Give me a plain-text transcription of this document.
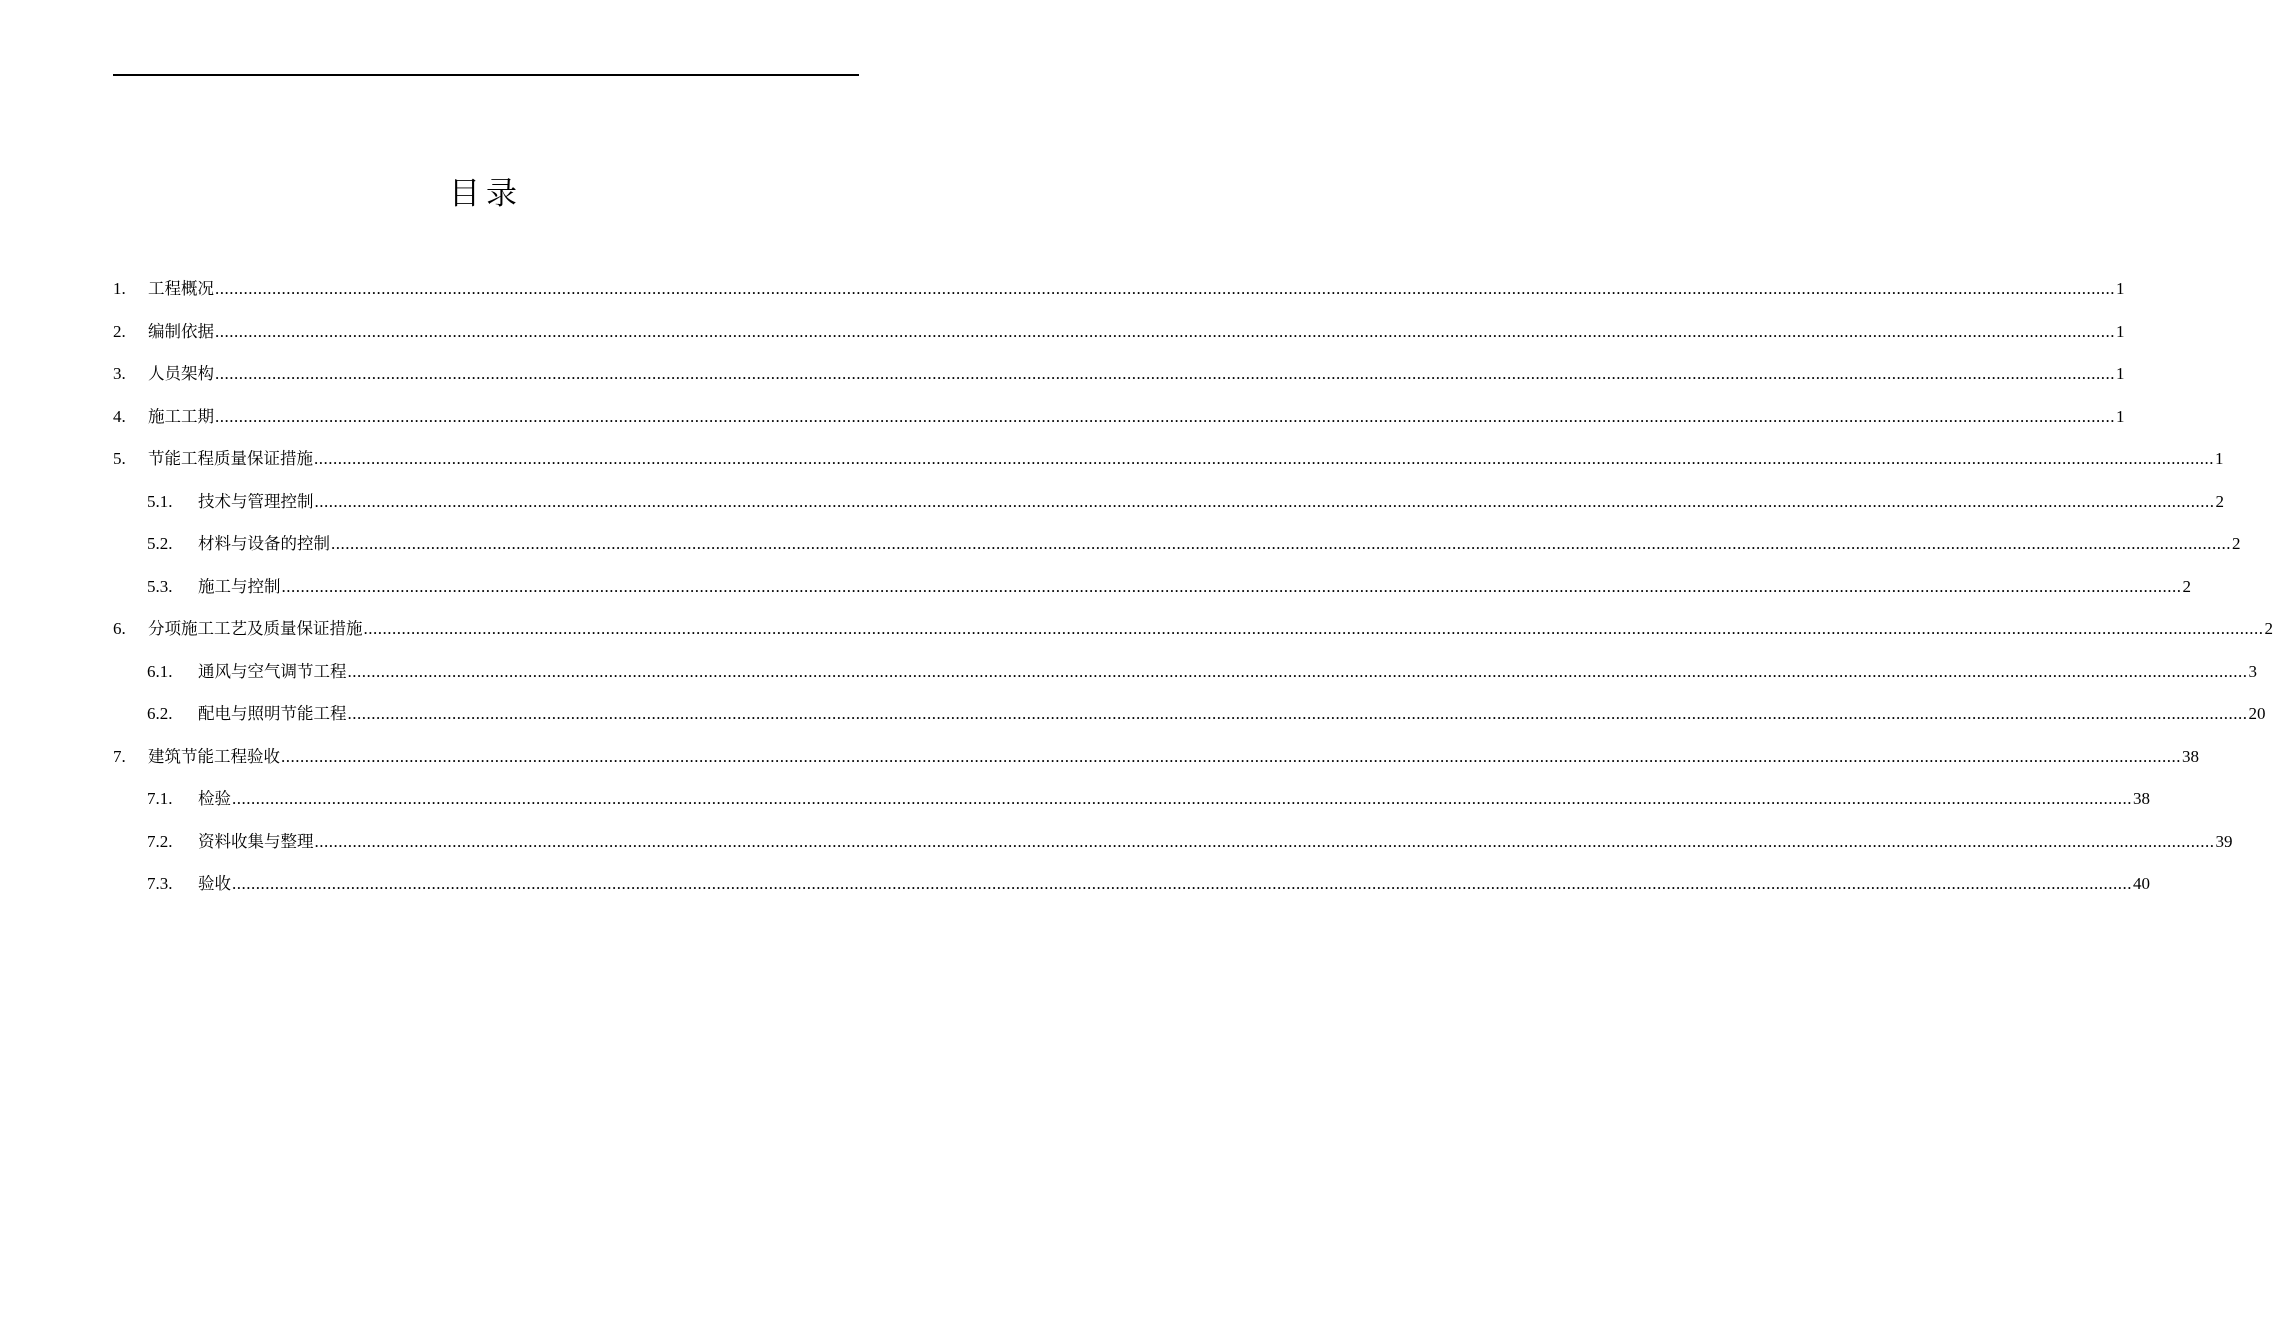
目录
1.	工程概况 ................................................................................................................................................................................................................................................................................................................................................................................................................ 1
2.	编制依据 ................................................................................................................................................................................................................................................................................................................................................................................................................ 1
3.	人员架构 ................................................................................................................................................................................................................................................................................................................................................................................................................ 1
4.	施工工期 ................................................................................................................................................................................................................................................................................................................................................................................................................ 1
5.	节能工程质量保证措施 ................................................................................................................................................................................................................................................................................................................................................................................................................ 1
5.1.	技术与管理控制 ................................................................................................................................................................................................................................................................................................................................................................................................................ 2
5.2.	材料与设备的控制 ................................................................................................................................................................................................................................................................................................................................................................................................................ 2
5.3.	施工与控制 ................................................................................................................................................................................................................................................................................................................................................................................................................ 2
6.	分项施工工艺及质量保证措施 ................................................................................................................................................................................................................................................................................................................................................................................................................ 2
6.1.	通风与空气调节工程 ................................................................................................................................................................................................................................................................................................................................................................................................................ 3
6.2.	配电与照明节能工程 ................................................................................................................................................................................................................................................................................................................................................................................................................ 20
7.	建筑节能工程验收 ................................................................................................................................................................................................................................................................................................................................................................................................................ 38
7.1.	检验 ................................................................................................................................................................................................................................................................................................................................................................................................................ 38
7.2.	资料收集与整理 ................................................................................................................................................................................................................................................................................................................................................................................................................ 39
7.3.	验收 ................................................................................................................................................................................................................................................................................................................................................................................................................ 40
